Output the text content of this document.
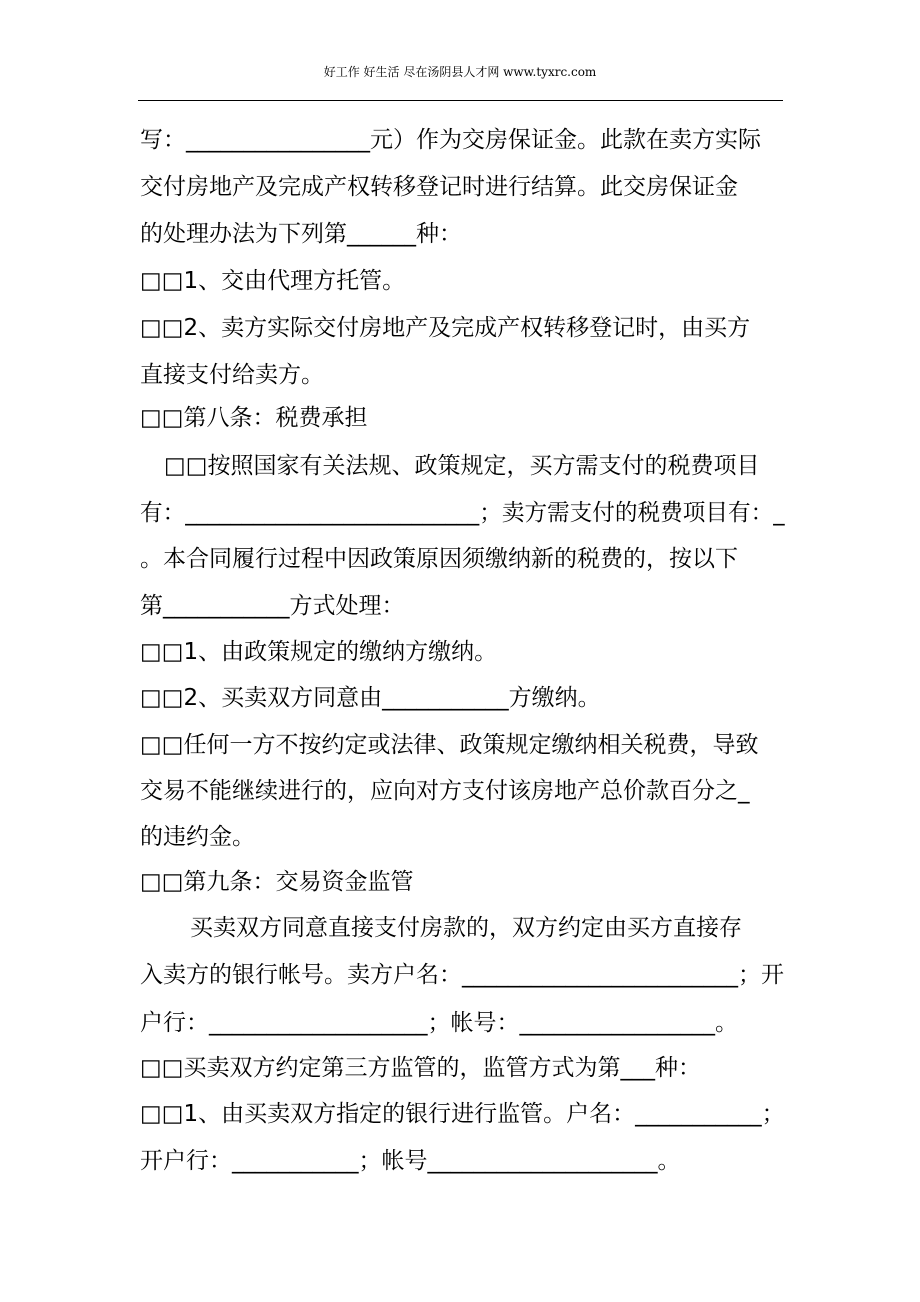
好工作 好生活 尽在汤阴县人才网 www.tyxrc.com
写：________________元）作为交房保证金。此款在卖方实际
交付房地产及完成产权转移登记时进行结算。此交房保证金
的处理办法为下列第______种：
□□1、交由代理方托管。
□□2、卖方实际交付房地产及完成产权转移登记时，由买方
直接支付给卖方。
□□第八条：税费承担
□□按照国家有关法规、政策规定，买方需支付的税费项目
有：__________________________；卖方需支付的税费项目有：_
。本合同履行过程中因政策原因须缴纳新的税费的，按以下
第___________方式处理：
□□1、由政策规定的缴纳方缴纳。
□□2、买卖双方同意由___________方缴纳。
□□任何一方不按约定或法律、政策规定缴纳相关税费，导致
交易不能继续进行的，应向对方支付该房地产总价款百分之_
的违约金。
□□第九条：交易资金监管
买卖双方同意直接支付房款的，双方约定由买方直接存
入卖方的银行帐号。卖方户名：________________________；开
户行：___________________；帐号：_________________。
□□买卖双方约定第三方监管的，监管方式为第___种：
□□1、由买卖双方指定的银行进行监管。户名：___________；
开户行：___________；帐号____________________。
